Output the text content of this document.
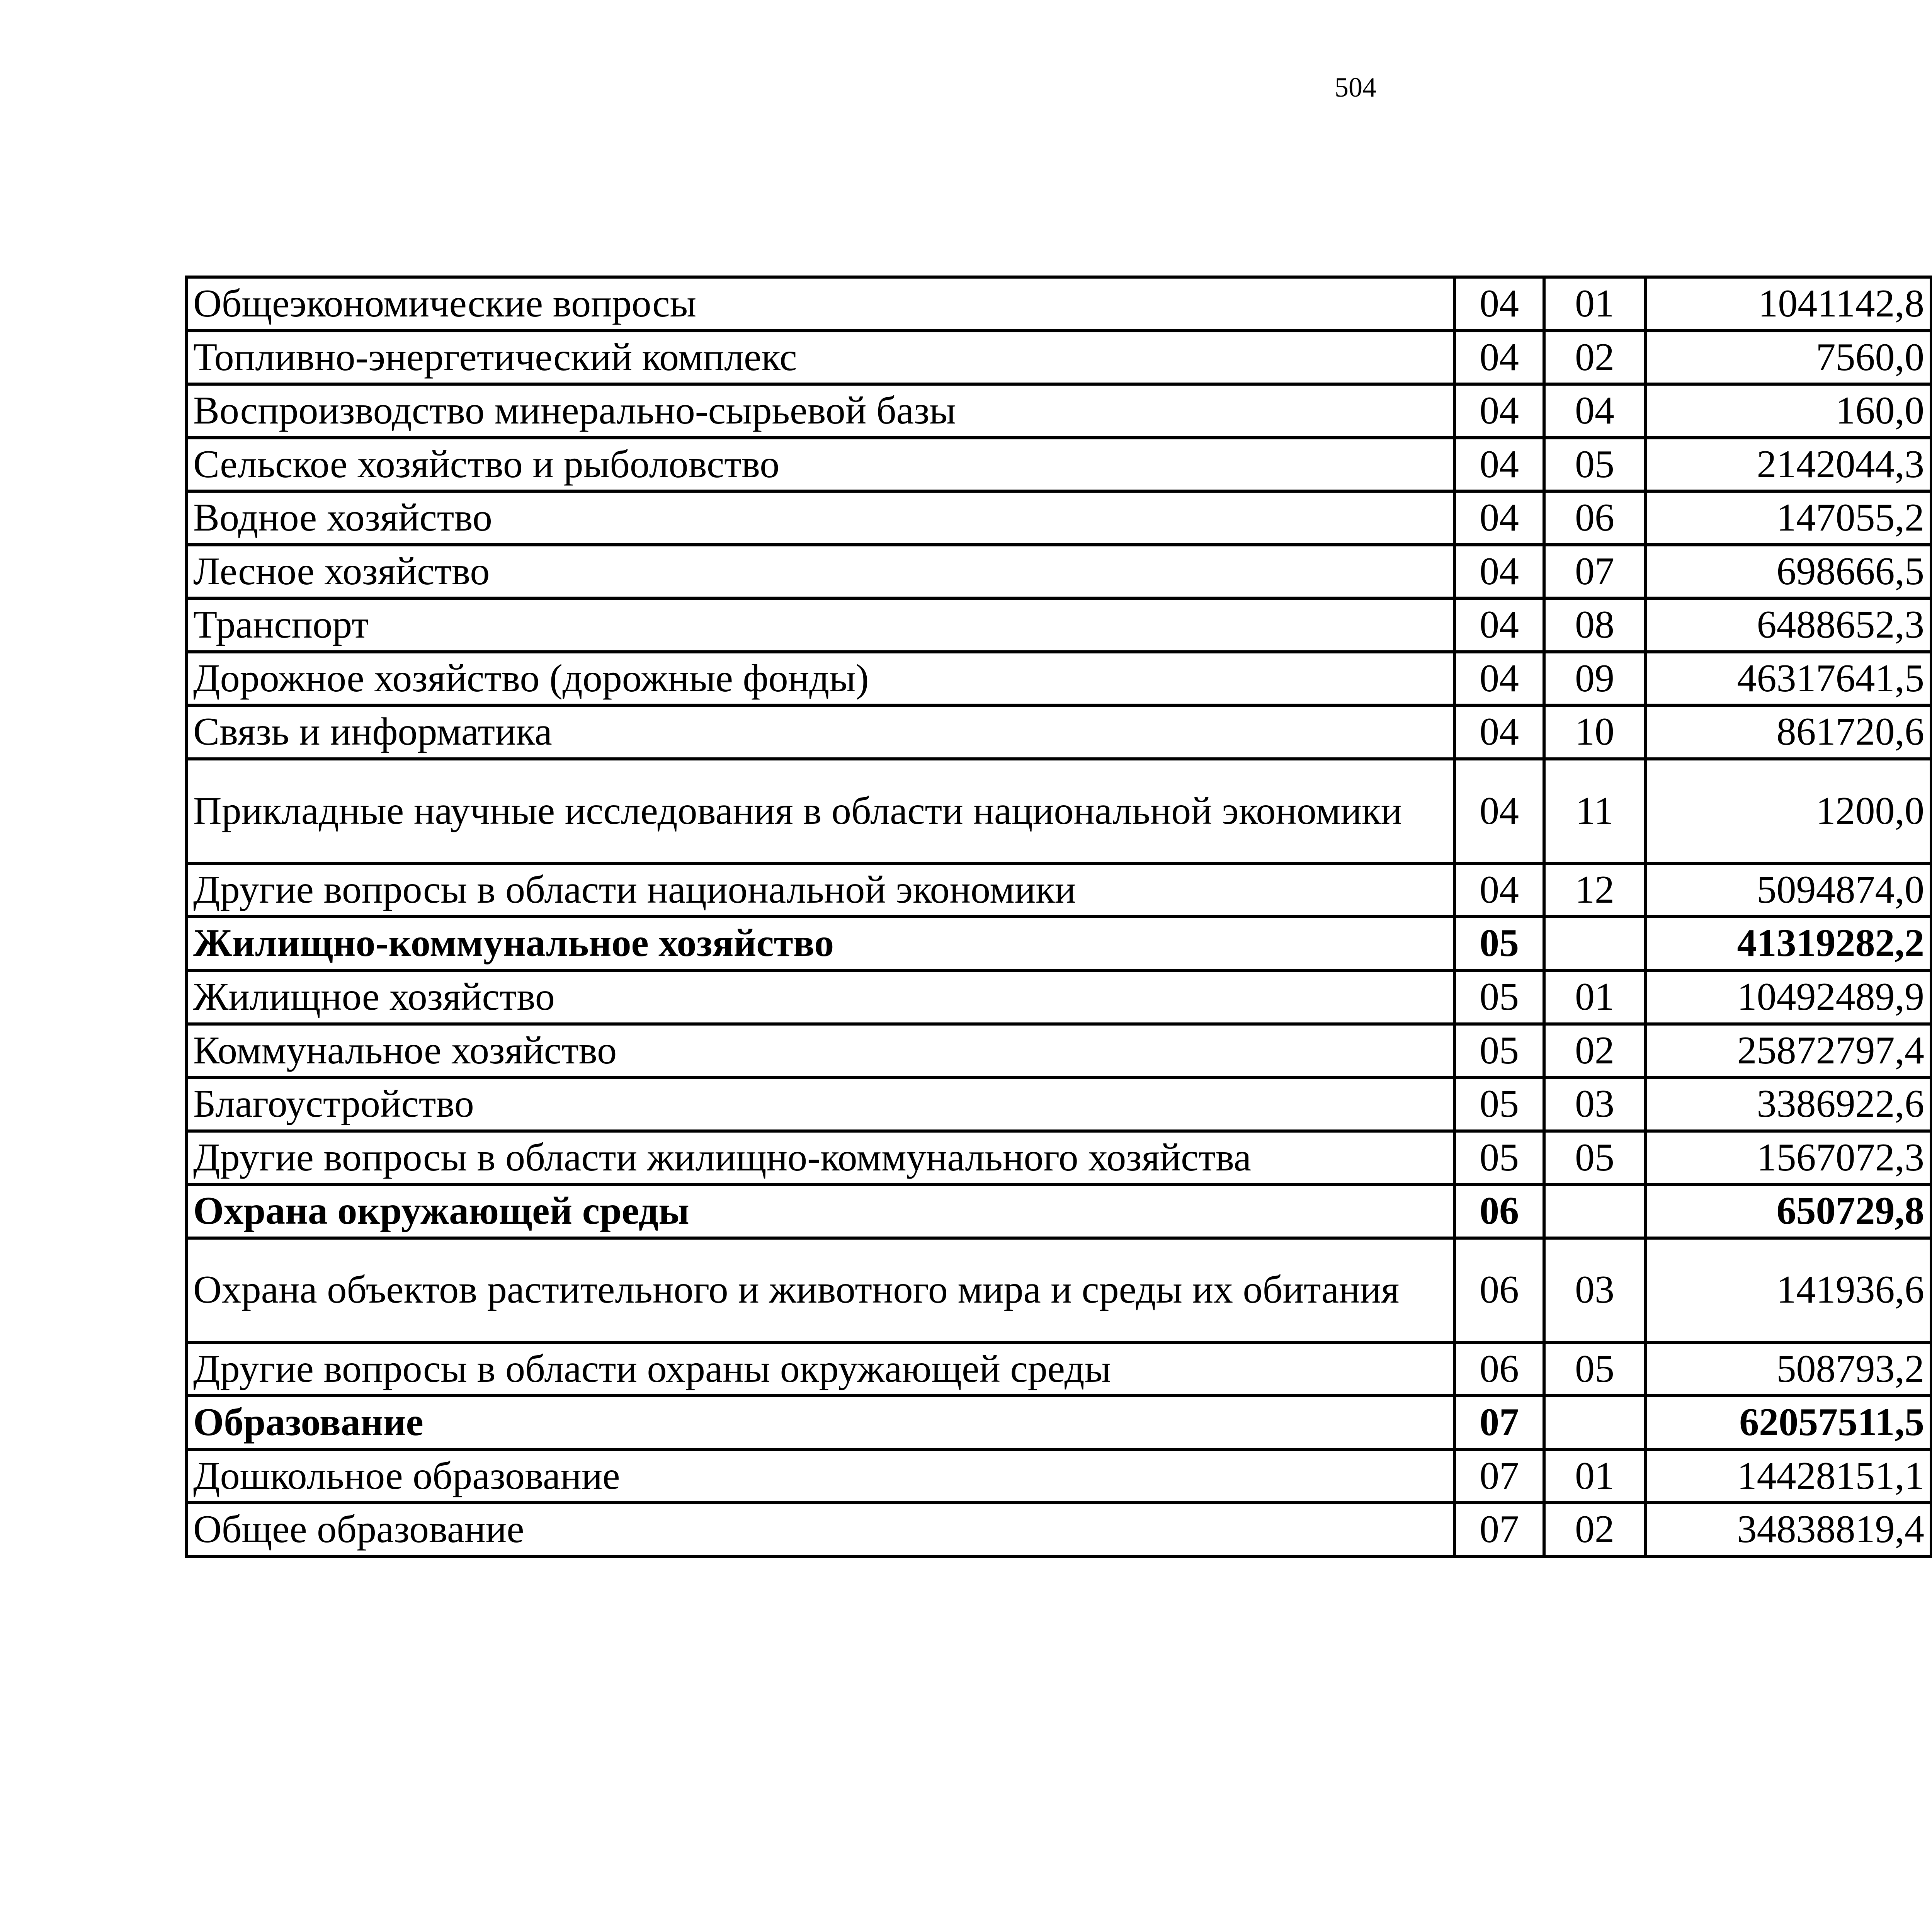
504
Общеэкономические вопросы	04	01	1041142,8		
Топливно-энергетический комплекс	04	02	7560,0		
Воспроизводство минерально-сырьевой базы	04	04	160,0		
Сельское хозяйство и рыболовство	04	05	2142044,3		
Водное хозяйство	04	06	147055,2		
Лесное хозяйство	04	07	698666,5		
Транспорт	04	08	6488652,3		
Дорожное хозяйство (дорожные фонды)	04	09	46317641,5		
Связь и информатика	04	10	861720,6		
Прикладные научные исследования в области национальной экономики	04	11	1200,0		
Другие вопросы в области национальной экономики	04	12	5094874,0		
Жилищно-коммунальное хозяйство	05		41319282,2		
Жилищное хозяйство	05	01	10492489,9		
Коммунальное хозяйство	05	02	25872797,4		
Благоустройство	05	03	3386922,6		
Другие вопросы в области жилищно-коммунального хозяйства	05	05	1567072,3		
Охрана окружающей среды	06		650729,8		
Охрана объектов растительного и животного мира и среды их обитания	06	03	141936,6		
Другие вопросы в области охраны окружающей среды	06	05	508793,2		
Образование	07		62057511,5		
Дошкольное образование	07	01	14428151,1		
Общее образование	07	02	34838819,4		
